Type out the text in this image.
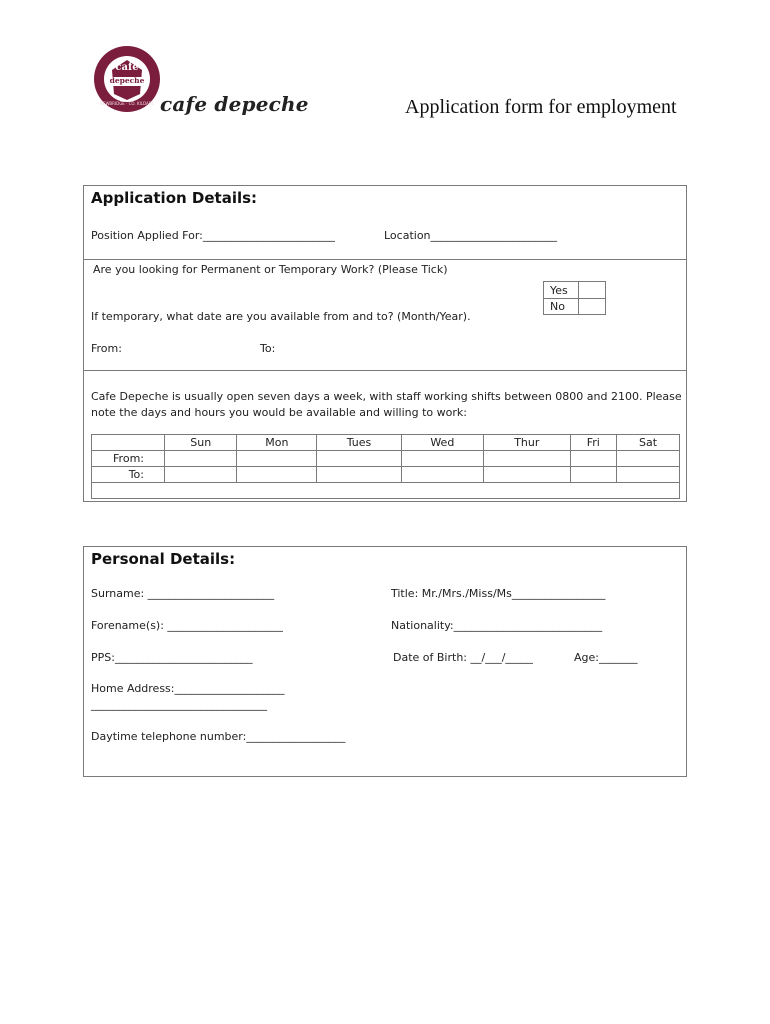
cafe
depeche
NEWBRIDGE · CO. KILDARE cafe depeche	Application form for employment
Application Details:
Position Applied For:________________________	Location_______________________
Are you looking for Permanent or Temporary Work? (Please Tick)
Yes
No
If temporary, what date are you available from and to? (Month/Year).
From:	To:
Cafe Depeche is usually open seven days a week, with staff working shifts between 0800 and 2100. Please note the days and hours you would be available and willing to work:
	Sun	Mon	Tues	Wed	Thur	Fri	Sat
From:							
To:							

Personal Details:
Surname: _______________________	Title: Mr./Mrs./Miss/Ms_________________
Forename(s): _____________________	Nationality:___________________________
PPS:_________________________	Date of Birth: __/___/_____	Age:_______
Home Address:____________________
________________________________
Daytime telephone number:__________________
